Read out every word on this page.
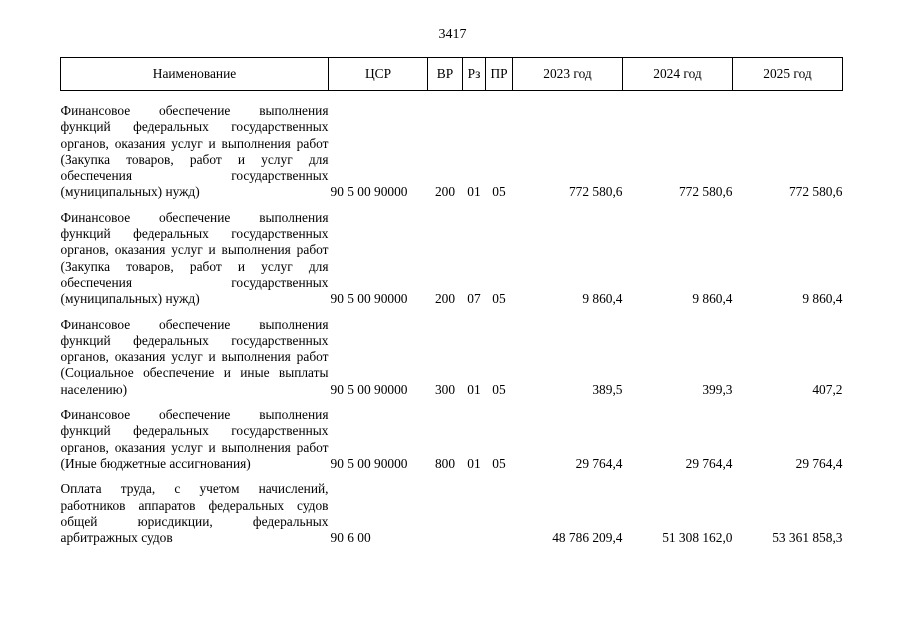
3417
Наименование	ЦСР	ВР	Рз	ПР	2023 год	2024 год	2025 год
Финансовое обеспечение выполнения функций федеральных государственных органов, оказания услуг и выполнения работ (Закупка товаров, работ и услуг для обеспечения государственных (муниципальных) нужд)	90 5 00 90000	200	01	05	772 580,6	772 580,6	772 580,6
Финансовое обеспечение выполнения функций федеральных государственных органов, оказания услуг и выполнения работ (Закупка товаров, работ и услуг для обеспечения государственных (муниципальных) нужд)	90 5 00 90000	200	07	05	9 860,4	9 860,4	9 860,4
Финансовое обеспечение выполнения функций федеральных государственных органов, оказания услуг и выполнения работ (Социальное обеспечение и иные выплаты населению)	90 5 00 90000	300	01	05	389,5	399,3	407,2
Финансовое обеспечение выполнения функций федеральных государственных органов, оказания услуг и выполнения работ (Иные бюджетные ассигнования)	90 5 00 90000	800	01	05	29 764,4	29 764,4	29 764,4
Оплата труда, с учетом начислений, работников аппаратов федеральных судов общей юрисдикции, федеральных арбитражных судов	90 6 00				48 786 209,4	51 308 162,0	53 361 858,3
